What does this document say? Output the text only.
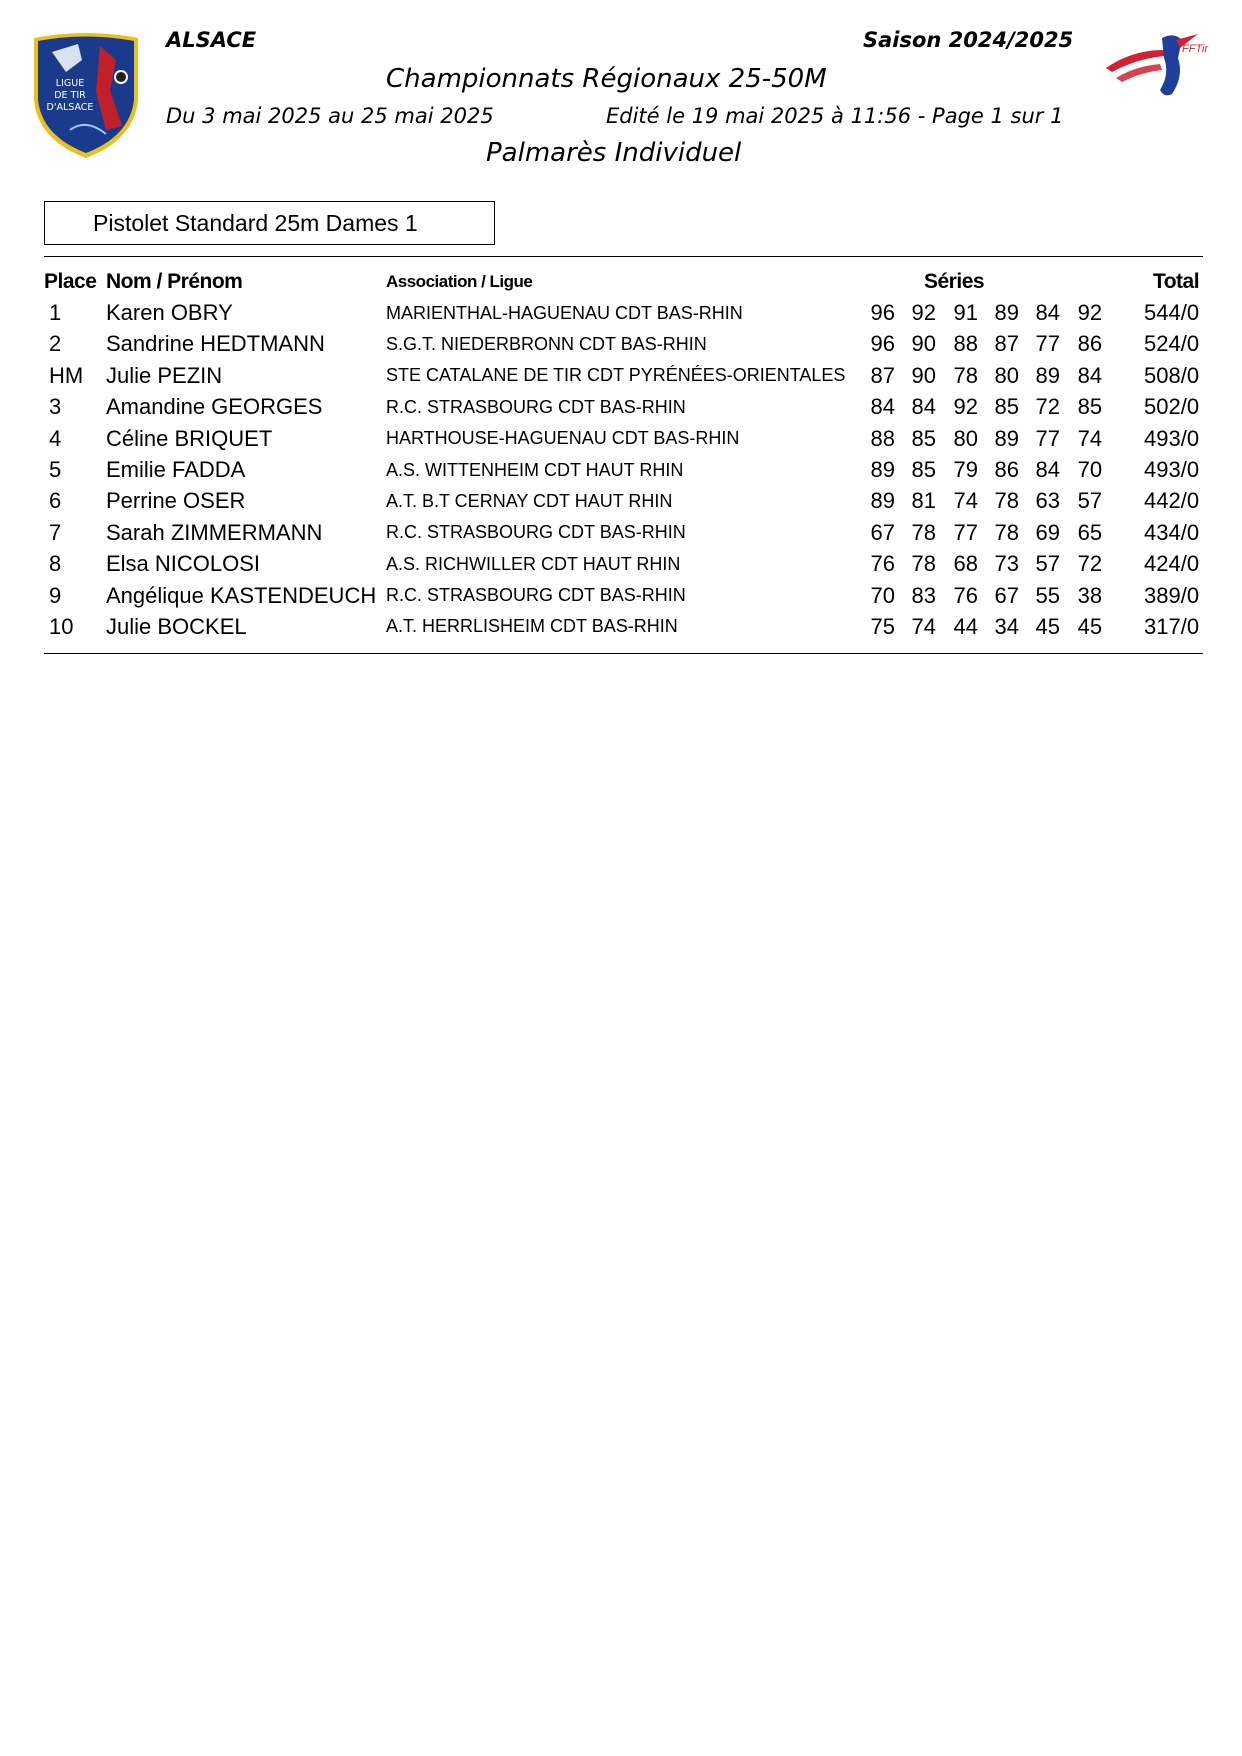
LIGUE
DE TIR
D'ALSACE
FFTir
ALSACE	Saison 2024/2025
Championnats Régionaux 25-50M
Du 3 mai 2025 au 25 mai 2025	Edité le 19 mai 2025 à 11:56 - Page 1 sur 1
Palmarès Individuel
Pistolet Standard 25m Dames 1
Place	Nom / Prénom	Association / Ligue	Séries						Total
1	Karen OBRY	MARIENTHAL-HAGUENAU CDT BAS-RHIN	96	92	91	89	84	92	544/0
2	Sandrine HEDTMANN	S.G.T. NIEDERBRONN CDT BAS-RHIN	96	90	88	87	77	86	524/0
HM	Julie PEZIN	STE CATALANE DE TIR CDT PYRÉNÉES-ORIENTALES	87	90	78	80	89	84	508/0
3	Amandine GEORGES	R.C. STRASBOURG CDT BAS-RHIN	84	84	92	85	72	85	502/0
4	Céline BRIQUET	HARTHOUSE-HAGUENAU CDT BAS-RHIN	88	85	80	89	77	74	493/0
5	Emilie FADDA	A.S. WITTENHEIM CDT HAUT RHIN	89	85	79	86	84	70	493/0
6	Perrine OSER	A.T. B.T CERNAY CDT HAUT RHIN	89	81	74	78	63	57	442/0
7	Sarah ZIMMERMANN	R.C. STRASBOURG CDT BAS-RHIN	67	78	77	78	69	65	434/0
8	Elsa NICOLOSI	A.S. RICHWILLER CDT HAUT RHIN	76	78	68	73	57	72	424/0
9	Angélique KASTENDEUCH	R.C. STRASBOURG CDT BAS-RHIN	70	83	76	67	55	38	389/0
10	Julie BOCKEL	A.T. HERRLISHEIM CDT BAS-RHIN	75	74	44	34	45	45	317/0
